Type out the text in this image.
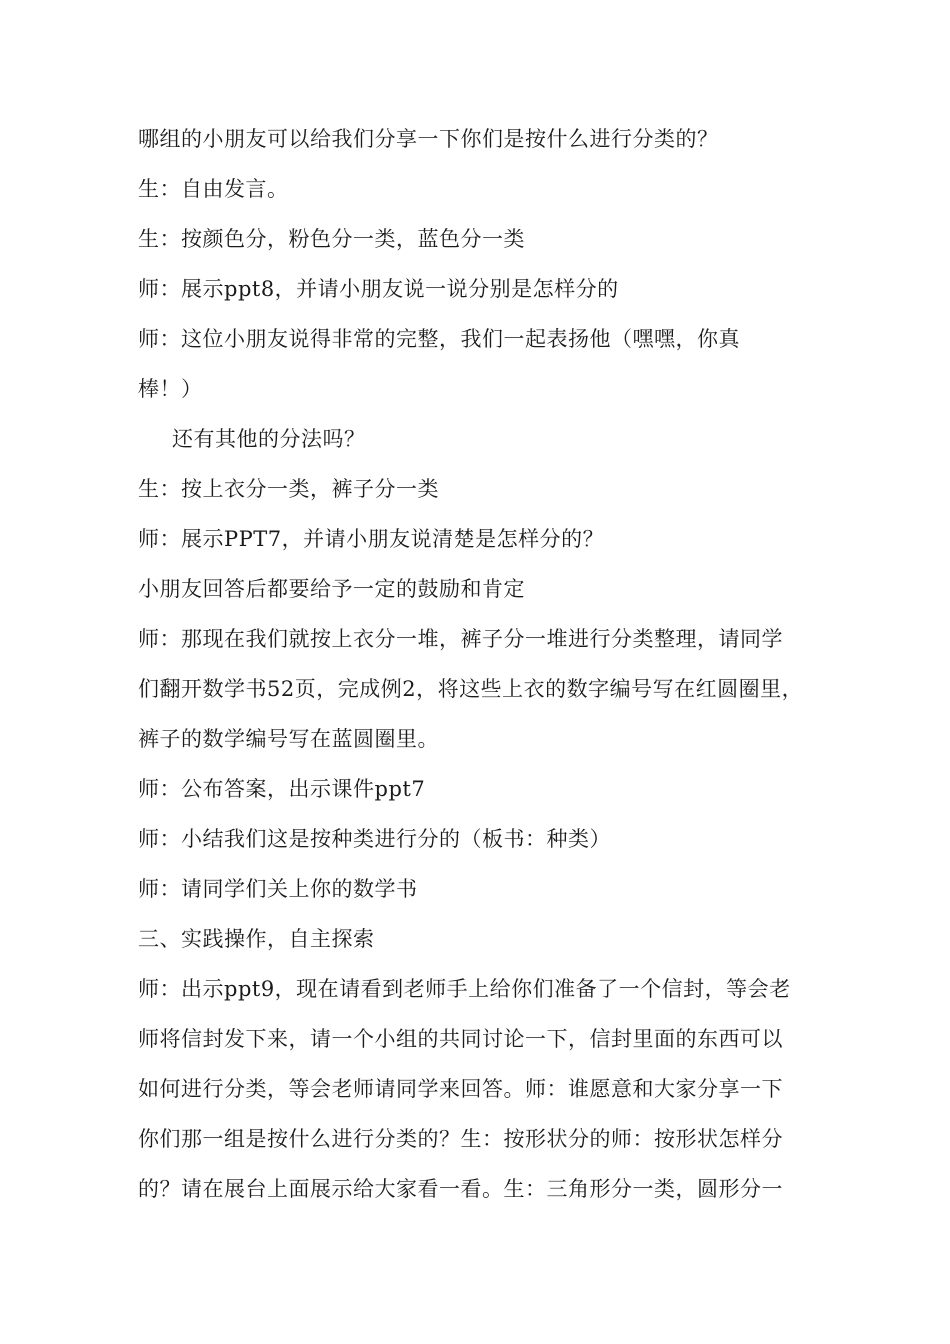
哪组的小朋友可以给我们分享一下你们是按什么进行分类的？
生：自由发言。
生：按颜色分，粉色分一类，蓝色分一类
师：展示ppt8，并请小朋友说一说分别是怎样分的
师：这位小朋友说得非常的完整，我们一起表扬他（嘿嘿，你真
棒！）
还有其他的分法吗？
生：按上衣分一类，裤子分一类
师：展示PPT7，并请小朋友说清楚是怎样分的？
小朋友回答后都要给予一定的鼓励和肯定
师：那现在我们就按上衣分一堆，裤子分一堆进行分类整理，请同学
们翻开数学书52页，完成例2，将这些上衣的数字编号写在红圆圈里，
裤子的数学编号写在蓝圆圈里。
师：公布答案，出示课件ppt7
师：小结我们这是按种类进行分的（板书：种类）
师：请同学们关上你的数学书
三、实践操作，自主探索
师：出示ppt9，现在请看到老师手上给你们准备了一个信封，等会老
师将信封发下来，请一个小组的共同讨论一下，信封里面的东西可以
如何进行分类，等会老师请同学来回答。师：谁愿意和大家分享一下
你们那一组是按什么进行分类的？生：按形状分的师：按形状怎样分
的？请在展台上面展示给大家看一看。生：三角形分一类，圆形分一
